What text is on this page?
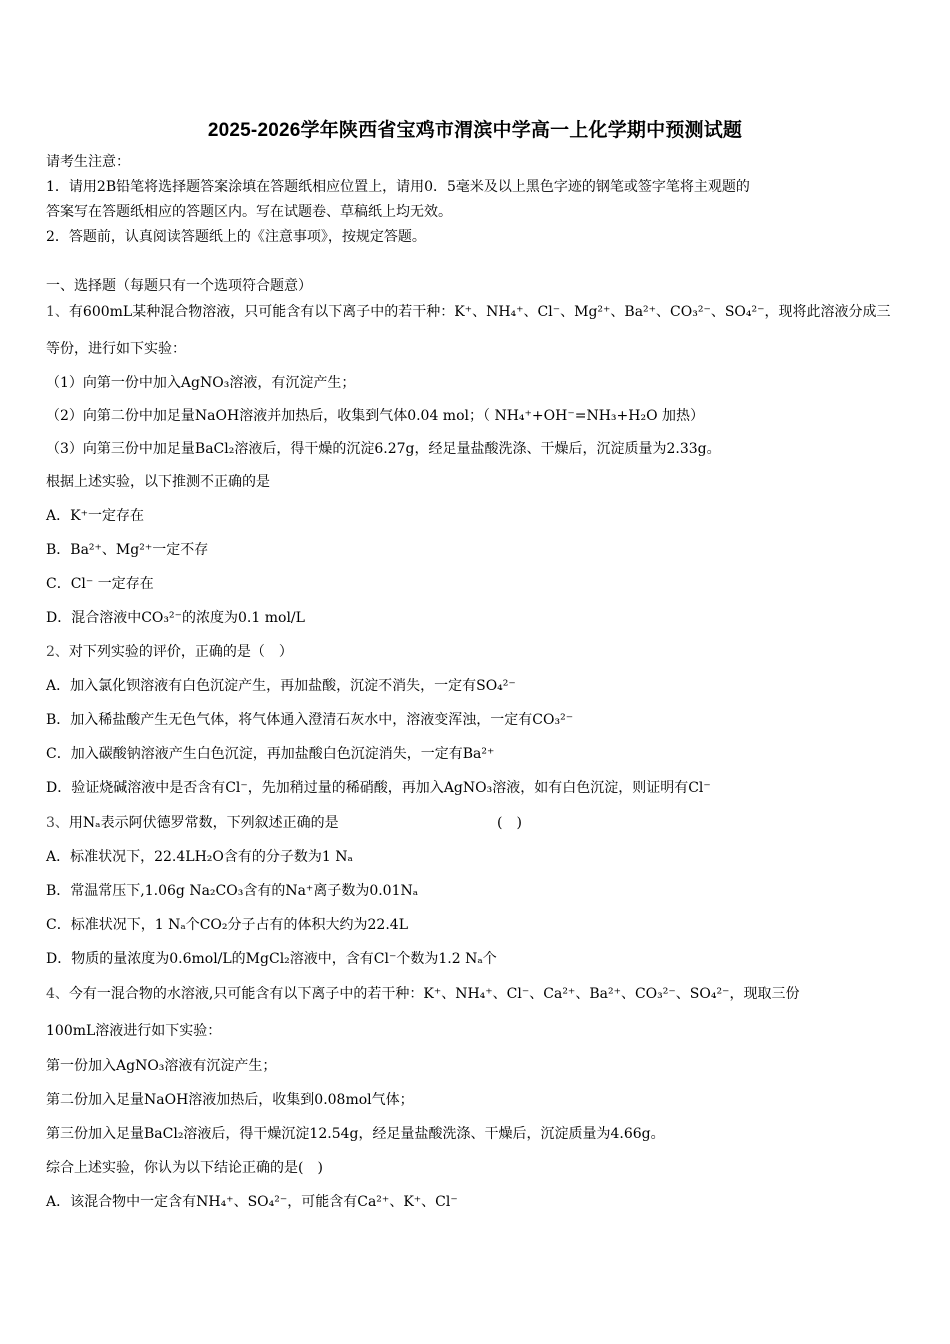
2025-2026学年陕西省宝鸡市渭滨中学高一上化学期中预测试题
请考生注意：
1．请用2B铅笔将选择题答案涂填在答题纸相应位置上，请用0．5毫米及以上黑色字迹的钢笔或签字笔将主观题的
答案写在答题纸相应的答题区内。写在试题卷、草稿纸上均无效。
2．答题前，认真阅读答题纸上的《注意事项》，按规定答题。
一、选择题（每题只有一个选项符合题意）
1、有600mL某种混合物溶液，只可能含有以下离子中的若干种：K⁺、NH₄⁺、Cl⁻、Mg²⁺、Ba²⁺、CO₃²⁻、SO₄²⁻，现将此溶液分成三
等份，进行如下实验：
（1）向第一份中加入AgNO₃溶液，有沉淀产生；
（2）向第二份中加足量NaOH溶液并加热后，收集到气体0.04 mol；（ NH₄⁺+OH⁻=NH₃+H₂O 加热）
（3）向第三份中加足量BaCl₂溶液后，得干燥的沉淀6.27g，经足量盐酸洗涤、干燥后，沉淀质量为2.33g。
根据上述实验，以下推测不正确的是
A．K⁺一定存在
B．Ba²⁺、Mg²⁺一定不存
C．Cl⁻ 一定存在
D．混合溶液中CO₃²⁻的浓度为0.1 mol/L
2、对下列实验的评价，正确的是（　）
A．加入氯化钡溶液有白色沉淀产生，再加盐酸，沉淀不消失，一定有SO₄²⁻
B．加入稀盐酸产生无色气体，将气体通入澄清石灰水中，溶液变浑浊，一定有CO₃²⁻
C．加入碳酸钠溶液产生白色沉淀，再加盐酸白色沉淀消失，一定有Ba²⁺
D．验证烧碱溶液中是否含有Cl⁻，先加稍过量的稀硝酸，再加入AgNO₃溶液，如有白色沉淀，则证明有Cl⁻
3、用Nₐ表示阿伏德罗常数，下列叙述正确的是	(　)
A．标准状况下，22.4LH₂O含有的分子数为1 Nₐ
B．常温常压下,1.06g Na₂CO₃含有的Na⁺离子数为0.01Nₐ
C．标准状况下，1 Nₐ个CO₂分子占有的体积大约为22.4L
D．物质的量浓度为0.6mol/L的MgCl₂溶液中，含有Cl⁻个数为1.2 Nₐ个
4、今有一混合物的水溶液,只可能含有以下离子中的若干种：K⁺、NH₄⁺、Cl⁻、Ca²⁺、Ba²⁺、CO₃²⁻、SO₄²⁻，现取三份
100mL溶液进行如下实验：
第一份加入AgNO₃溶液有沉淀产生；
第二份加入足量NaOH溶液加热后，收集到0.08mol气体；
第三份加入足量BaCl₂溶液后，得干燥沉淀12.54g，经足量盐酸洗涤、干燥后，沉淀质量为4.66g。
综合上述实验，你认为以下结论正确的是(　)
A．该混合物中一定含有NH₄⁺、SO₄²⁻，可能含有Ca²⁺、K⁺、Cl⁻
